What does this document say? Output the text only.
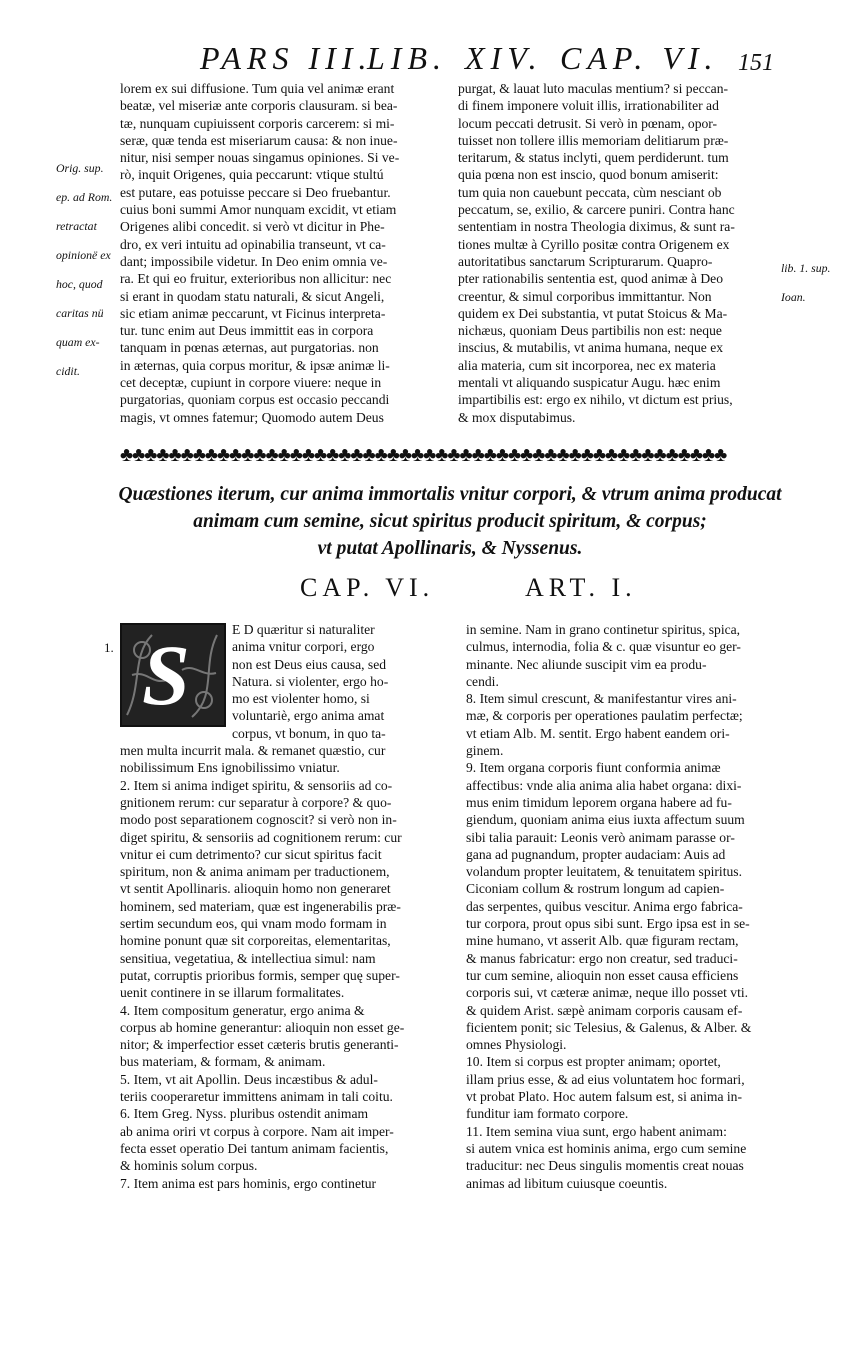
PARS III.
LIB. XIV. CAP. VI. 151

Orig. sup.

ep. ad Rom.

retractat

opinionë ex

hoc, quod

caritas nü

quam ex-

cidit.

lorem ex sui diffusione. Tum quia vel animæ erant

beatæ, vel miseriæ ante corporis clausuram. si bea-

tæ, nunquam cupiuissent corporis carcerem: si mi-

seræ, quæ tenda est miseriarum causa: & non inue-

nitur, nisi semper nouas singamus opiniones. Si ve-

rò, inquit Origenes, quia peccarunt: vtique stultú

est putare, eas potuisse peccare si Deo fruebantur.

cuius boni summi Amor nunquam excidit, vt etiam

Origenes alibi concedit. si verò vt dicitur in Phe-

dro, ex veri intuitu ad opinabilia transeunt, vt ca-

dant; impossibile videtur. In Deo enim omnia ve-

ra. Et qui eo fruitur, exterioribus non allicitur: nec

si erant in quodam statu naturali, & sicut Angeli,

sic etiam animæ peccarunt, vt Ficinus interpreta-

tur. tunc enim aut Deus immittit eas in corpora

tanquam in pœnas æternas, aut purgatorias. non

in æternas, quia corpus moritur, & ipsæ animæ li-

cet deceptæ, cupiunt in corpore viuere: neque in

purgatorias, quoniam corpus est occasio peccandi

magis, vt omnes fatemur; Quomodo autem Deus

purgat, & lauat luto maculas mentium? si peccan-

di finem imponere voluit illis, irrationabiliter ad

locum peccati detrusit. Si verò in pœnam, opor-

tuisset non tollere illis memoriam delitiarum præ-

teritarum, & status inclyti, quem perdiderunt. tum

quia pœna non est inscio, quod bonum amiserit:

tum quia non cauebunt peccata, cùm nesciant ob

peccatum, se, exilio, & carcere puniri. Contra hanc

sententiam in nostra Theologia diximus, & sunt ra-

tiones multæ à Cyrillo positæ contra Origenem ex

autoritatibus sanctarum Scripturarum. Quapro-

pter rationabilis sententia est, quod animæ à Deo

creentur, & simul corporibus immittantur. Non

quidem ex Dei substantia, vt putat Stoicus & Ma-

nichæus, quoniam Deus partibilis non est: neque

inscius, & mutabilis, vt anima humana, neque ex

alia materia, cum sit incorporea, nec ex materia

mentali vt aliquando suspicatur Augu. hæc enim

impartibilis est: ergo ex nihilo, vt dictum est prius,

& mox disputabimus.

lib. 1. sup.

Ioan.

♣♣♣♣♣♣♣♣♣♣♣♣♣♣♣♣♣♣♣♣♣♣♣♣♣♣♣♣♣♣♣♣♣♣♣♣♣♣♣♣♣♣♣♣♣♣♣♣♣♣

Quæstiones iterum, cur anima immortalis vnitur corpori, & vtrum anima producat

animam cum semine, sicut spiritus producit spiritum, & corpus;

vt putat Apollinaris, & Nyssenus.

CAP. VI.	ART. I.
1. S	E D quæritur si naturaliter

anima vnitur corpori, ergo

non est Deus eius causa, sed

Natura. si violenter, ergo ho-

mo est violenter homo, si

voluntariè, ergo anima amat

corpus, vt bonum, in quo ta-

men multa incurrit mala. & remanet quæstio, cur

nobilissimum Ens ignobilissimo vniatur.

2. Item si anima indiget spiritu, & sensoriis ad co-

gnitionem rerum: cur separatur à corpore? & quo-

modo post separationem cognoscit? si verò non in-

diget spiritu, & sensoriis ad cognitionem rerum: cur

vnitur ei cum detrimento? cur sicut spiritus facit

spiritum, non & anima animam per traductionem,

vt sentit Apollinaris. alioquin homo non generaret

hominem, sed materiam, quæ est ingenerabilis præ-

sertim secundum eos, qui vnam modo formam in

homine ponunt quæ sit corporeitas, elementaritas,

sensitiua, vegetatiua, & intellectiua simul: nam

putat, corruptis prioribus formis, semper quę super-

uenit continere in se illarum formalitates.

4. Item compositum generatur, ergo anima &

corpus ab homine generantur: alioquin non esset ge-

nitor; & imperfectior esset cæteris brutis generanti-

bus materiam, & formam, & animam.

5. Item, vt ait Apollin. Deus incæstibus & adul-

teriis cooperaretur immittens animam in tali coitu.

6. Item Greg. Nyss. pluribus ostendit animam

ab anima oriri vt corpus à corpore. Nam ait imper-

fecta esset operatio Dei tantum animam facientis,

& hominis solum corpus.

7. Item anima est pars hominis, ergo continetur

in semine. Nam in grano continetur spiritus, spica,

culmus, internodia, folia & c. quæ visuntur eo ger-

minante. Nec aliunde suscipit vim ea produ-

cendi.

8. Item simul crescunt, & manifestantur vires ani-

mæ, & corporis per operationes paulatim perfectæ;

vt etiam Alb. M. sentit. Ergo habent eandem ori-

ginem.

9. Item organa corporis fiunt conformia animæ

affectibus: vnde alia anima alia habet organa: dixi-

mus enim timidum leporem organa habere ad fu-

giendum, quoniam anima eius iuxta affectum suum

sibi talia parauit: Leonis verò animam parasse or-

gana ad pugnandum, propter audaciam: Auis ad

volandum propter leuitatem, & tenuitatem spiritus.

Ciconiam collum & rostrum longum ad capien-

das serpentes, quibus vescitur. Anima ergo fabrica-

tur corpora, prout opus sibi sunt. Ergo ipsa est in se-

mine humano, vt asserit Alb. quæ figuram rectam,

& manus fabricatur: ergo non creatur, sed traduci-

tur cum semine, alioquin non esset causa efficiens

corporis sui, vt cæteræ animæ, neque illo posset vti.

& quidem Arist. sæpè animam corporis causam ef-

ficientem ponit; sic Telesius, & Galenus, & Alber. &

omnes Physiologi.

10. Item si corpus est propter animam; oportet,

illam prius esse, & ad eius voluntatem hoc formari,

vt probat Plato. Hoc autem falsum est, si anima in-

funditur iam formato corpore.

11. Item semina viua sunt, ergo habent animam:

si autem vnica est hominis anima, ergo cum semine

traducitur: nec Deus singulis momentis creat nouas

animas ad libitum cuiusque coeuntis.
